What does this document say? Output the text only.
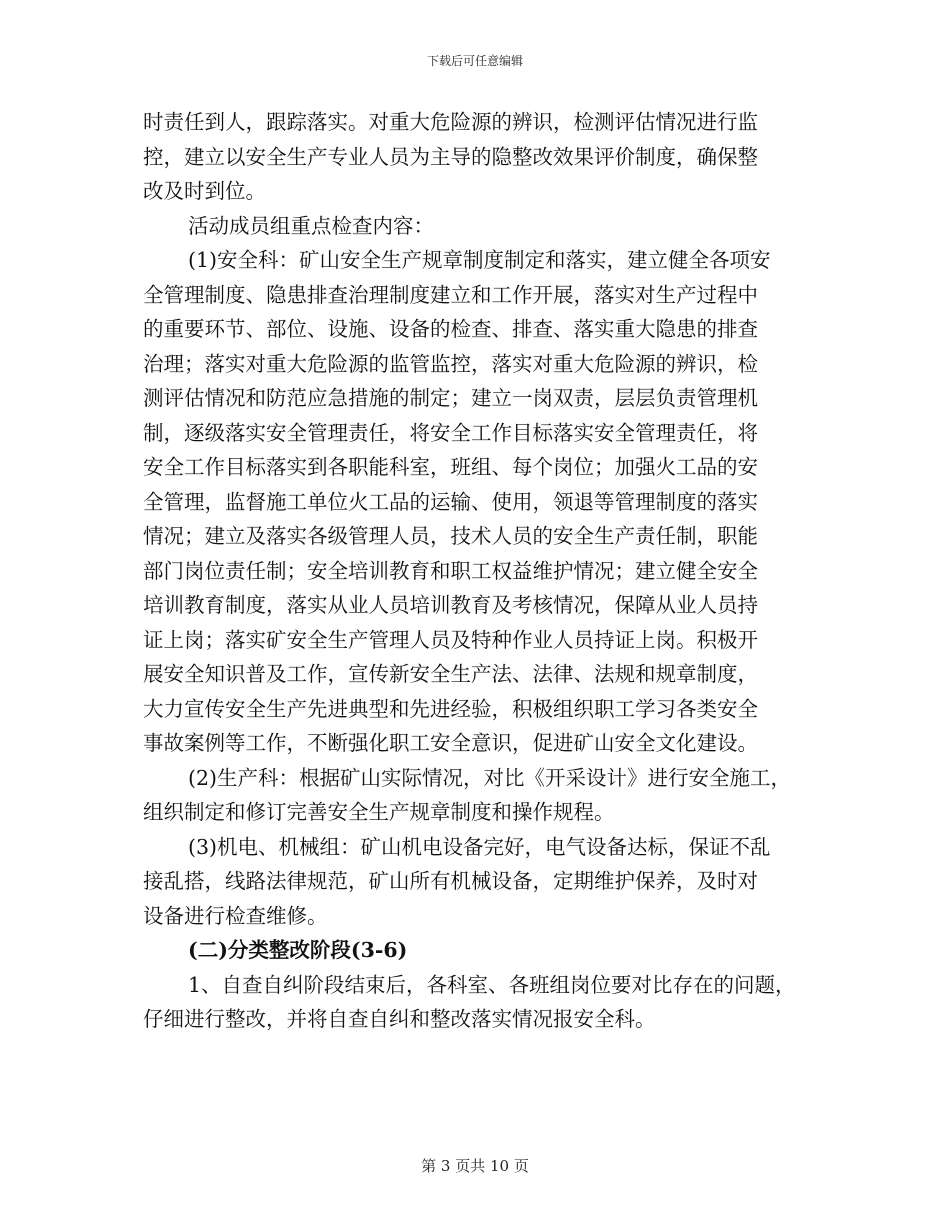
下载后可任意编辑
时责任到人，跟踪落实。对重大危险源的辨识，检测评估情况进行监
控，建立以安全生产专业人员为主导的隐整改效果评价制度，确保整
改及时到位。
活动成员组重点检查内容：
(1)安全科：矿山安全生产规章制度制定和落实，建立健全各项安
全管理制度、隐患排查治理制度建立和工作开展，落实对生产过程中
的重要环节、部位、设施、设备的检查、排查、落实重大隐患的排查
治理；落实对重大危险源的监管监控，落实对重大危险源的辨识，检
测评估情况和防范应急措施的制定；建立一岗双责，层层负责管理机
制，逐级落实安全管理责任，将安全工作目标落实安全管理责任，将
安全工作目标落实到各职能科室，班组、每个岗位；加强火工品的安
全管理，监督施工单位火工品的运输、使用，领退等管理制度的落实
情况；建立及落实各级管理人员，技术人员的安全生产责任制，职能
部门岗位责任制；安全培训教育和职工权益维护情况；建立健全安全
培训教育制度，落实从业人员培训教育及考核情况，保障从业人员持
证上岗；落实矿安全生产管理人员及特种作业人员持证上岗。积极开
展安全知识普及工作，宣传新安全生产法、法律、法规和规章制度，
大力宣传安全生产先进典型和先进经验，积极组织职工学习各类安全
事故案例等工作，不断强化职工安全意识，促进矿山安全文化建设。
(2)生产科：根据矿山实际情况，对比《开采设计》进行安全施工，
组织制定和修订完善安全生产规章制度和操作规程。
(3)机电、机械组：矿山机电设备完好，电气设备达标，保证不乱
接乱搭，线路法律规范，矿山所有机械设备，定期维护保养，及时对
设备进行检查维修。
(二)分类整改阶段(3-6)
1、自查自纠阶段结束后，各科室、各班组岗位要对比存在的问题，
仔细进行整改，并将自查自纠和整改落实情况报安全科。
第 3 页共 10 页
